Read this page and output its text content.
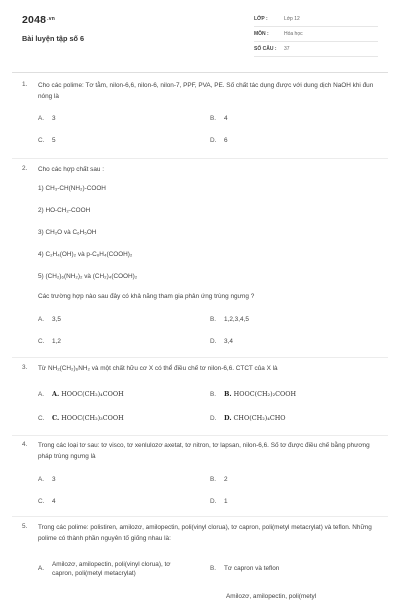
$2048^{.vn}$
Bài luyện tập số 6
LỚP :	Lớp 12
MÔN :	Hóa học
SỐ CÂU : 37
1. Cho các polime: Tơ tằm, nilon-6,6, nilon-6, nilon-7, PPF, PVA, PE. Số chất tác dụng được với dung dịch NaOH khi đun nóng là
A. 3	B. 4
C. 5	D. 6
2. Cho các hợp chất sau :
1) CH₃-CH(NH₂)-COOH
2) HO-CH₂-COOH
3) CH₂O và C₆H₅OH
4) C₂H₄(OH)₂ và p-C₆H₄(COOH)₂
5) (CH₂)₆(NH₂)₂ và (CH₂)₄(COOH)₂
Các trường hợp nào sau đây có khả năng tham gia phản ứng trùng ngưng ?
A. 3,5	B. 1,2,3,4,5
C. 1,2	D. 3,4
3. Từ NH₂(CH₂)₆NH₂ và một chất hữu cơ X có thể điều chế tơ nilon-6,6. CTCT của X là
A. A. HOOC(CH₂)₄COOH	B. B. HOOC(CH₂)₂COOH
C. C. HOOC(CH₂)₃COOH	D. D. CHO(CH₂)₄CHO
4. Trong các loại tơ sau: tơ visco, tơ xenlulozơ axetat, tơ nitron, tơ lapsan, nilon-6,6. Số tơ được điều chế bằng phương pháp trùng ngưng là
A. 3	B. 2
C. 4	D. 1
5. Trong các polime: polistiren, amilozơ, amilopectin, poli(vinyl clorua), tơ capron, poli(metyl metacrylat) và teflon. Những polime có thành phần nguyên tố giống nhau là:
A.
Amilozơ, amilopectin, poli(vinyl clorua), tơ capron, poli(metyl metacrylat)
B. Tơ capron và teflon
Amilozơ, amilopectin, poli(metyl
